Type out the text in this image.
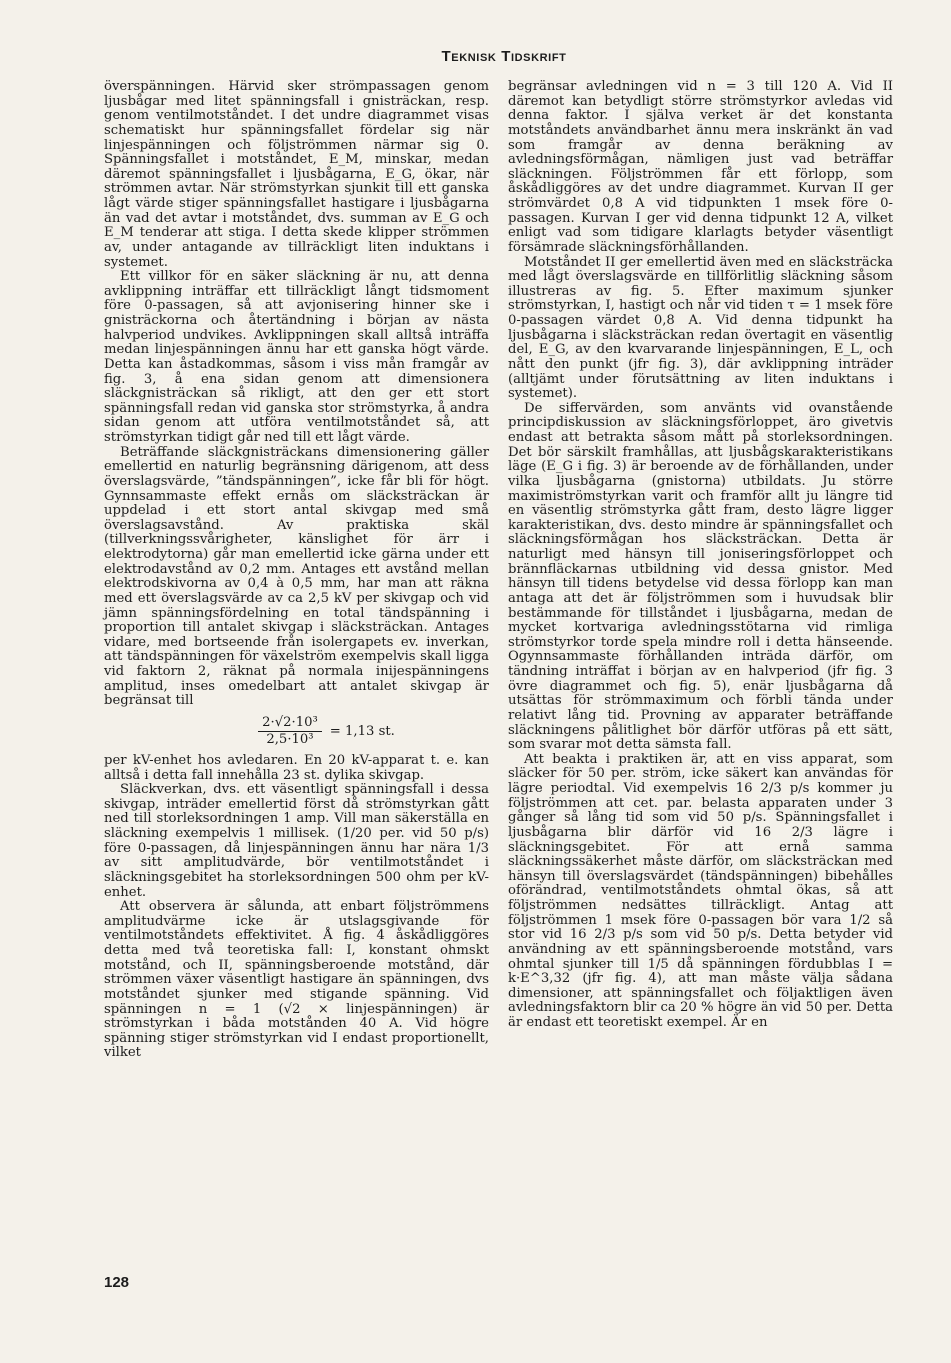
Teknisk Tidskrift

överspänningen. Härvid sker strömpassagen genom ljusbågar med litet spänningsfall i gnisträckan, resp. genom ventilmotståndet. I det undre diagrammet visas schematiskt hur spänningsfallet fördelar sig när linjespänningen och följströmmen närmar sig 0. Spänningsfallet i motståndet, E_M, minskar, medan däremot spänningsfallet i ljusbågarna, E_G, ökar, när strömmen avtar. När strömstyrkan sjunkit till ett ganska lågt värde stiger spänningsfallet hastigare i ljusbågarna än vad det avtar i motståndet, dvs. summan av E_G och E_M tenderar att stiga. I detta skede klipper strömmen av, under antagande av tillräckligt liten induktans i systemet.

Ett villkor för en säker släckning är nu, att denna avklippning inträffar ett tillräckligt långt tidsmoment före 0-passagen, så att avjonisering hinner ske i gnisträckorna och återtändning i början av nästa halvperiod undvikes. Avklippningen skall alltså inträffa medan linjespänningen ännu har ett ganska högt värde. Detta kan åstadkommas, såsom i viss mån framgår av fig. 3, å ena sidan genom att dimensionera släckgnisträckan så rikligt, att den ger ett stort spänningsfall redan vid ganska stor strömstyrka, å andra sidan genom att utföra ventilmotståndet så, att strömstyrkan tidigt går ned till ett lågt värde.

Beträffande släckgnisträckans dimensionering gäller emellertid en naturlig begränsning därigenom, att dess överslagsvärde, ”tändspänningen”, icke får bli för högt. Gynnsammaste effekt ernås om släcksträckan är uppdelad i ett stort antal skivgap med små överslagsavstånd. Av praktiska skäl (tillverkningssvårigheter, känslighet för ärr i elektrodytorna) går man emellertid icke gärna under ett elektrodavstånd av 0,2 mm. Antages ett avstånd mellan elektrodskivorna av 0,4 à 0,5 mm, har man att räkna med ett överslagsvärde av ca 2,5 kV per skivgap och vid jämn spänningsfördelning en total tändspänning i proportion till antalet skivgap i släcksträckan. Antages vidare, med bortseende från isolergapets ev. inverkan, att tändspänningen för växelström exempelvis skall ligga vid faktorn 2, räknat på normala inijespänningens amplitud, inses omedelbart att antalet skivgap är begränsat till

$\frac{\text{2·√2·10³}}{\text{2,5·10³}} = 1,13$ st.

per kV-enhet hos avledaren. En 20 kV-apparat t. e. kan alltså i detta fall innehålla 23 st. dylika skivgap.

Släckverkan, dvs. ett väsentligt spänningsfall i dessa skivgap, inträder emellertid först då strömstyrkan gått ned till storleksordningen 1 amp. Vill man säkerställa en släckning exempelvis 1 millisek. (1/20 per. vid 50 p/s) före 0-passagen, då linjespänningen ännu har nära 1/3 av sitt amplitudvärde, bör ventilmotståndet i släckningsgebitet ha storleksordningen 500 ohm per kV-enhet.

Att observera är sålunda, att enbart följströmmens amplitudvärme icke är utslagsgivande för ventilmotståndets effektivitet. Å fig. 4 åskådliggöres detta med två teoretiska fall: I, konstant ohmskt motstånd, och II, spänningsberoende motstånd, där strömmen växer väsentligt hastigare än spänningen, dvs motståndet sjunker med stigande spänning. Vid spänningen n = 1 (√2 × linjespänningen) är strömstyrkan i båda motstånden 40 A. Vid högre spänning stiger strömstyrkan vid I endast proportionellt, vilket

begränsar avledningen vid n = 3 till 120 A. Vid II däremot kan betydligt större strömstyrkor avledas vid denna faktor. I själva verket är det konstanta motståndets användbarhet ännu mera inskränkt än vad som framgår av denna beräkning av avledningsförmågan, nämligen just vad beträffar släckningen. Följströmmen får ett förlopp, som åskådliggöres av det undre diagrammet. Kurvan II ger strömvärdet 0,8 A vid tidpunkten 1 msek före 0-passagen. Kurvan I ger vid denna tidpunkt 12 A, vilket enligt vad som tidigare klarlagts betyder väsentligt försämrade släckningsförhållanden.

Motståndet II ger emellertid även med en släcksträcka med lågt överslagsvärde en tillförlitlig släckning såsom illustreras av fig. 5. Efter maximum sjunker strömstyrkan, I, hastigt och når vid tiden τ = 1 msek före 0-passagen värdet 0,8 A. Vid denna tidpunkt ha ljusbågarna i släcksträckan redan övertagit en väsentlig del, E_G, av den kvarvarande linjespänningen, E_L, och nått den punkt (jfr fig. 3), där avklippning inträder (alltjämt under förutsättning av liten induktans i systemet).

De siffervärden, som använts vid ovanstående principdiskussion av släckningsförloppet, äro givetvis endast att betrakta såsom mått på storleksordningen. Det bör särskilt framhållas, att ljusbågskarakteristikans läge (E_G i fig. 3) är beroende av de förhållanden, under vilka ljusbågarna (gnistorna) utbildats. Ju större maximiströmstyrkan varit och framför allt ju längre tid en väsentlig strömstyrka gått fram, desto lägre ligger karakteristikan, dvs. desto mindre är spänningsfallet och släckningsförmågan hos släcksträckan. Detta är naturligt med hänsyn till joniseringsförloppet och brännfläckarnas utbildning vid dessa gnistor. Med hänsyn till tidens betydelse vid dessa förlopp kan man antaga att det är följströmmen som i huvudsak blir bestämmande för tillståndet i ljusbågarna, medan de mycket kortvariga avledningsstötarna vid rimliga strömstyrkor torde spela mindre roll i detta hänseende. Ogynnsammaste förhållanden inträda därför, om tändning inträffat i början av en halvperiod (jfr fig. 3 övre diagrammet och fig. 5), enär ljusbågarna då utsättas för strömmaximum och förbli tända under relativt lång tid. Provning av apparater beträffande släckningens pålitlighet bör därför utföras på ett sätt, som svarar mot detta sämsta fall.

Att beakta i praktiken är, att en viss apparat, som släcker för 50 per. ström, icke säkert kan användas för lägre periodtal. Vid exempelvis 16 2/3 p/s kommer ju följströmmen att cet. par. belasta apparaten under 3 gånger så lång tid som vid 50 p/s. Spänningsfallet i ljusbågarna blir därför vid 16 2/3 lägre i släckningsgebitet. För att ernå samma släckningssäkerhet måste därför, om släcksträckan med hänsyn till överslagsvärdet (tändspänningen) bibehålles oförändrad, ventilmotståndets ohmtal ökas, så att följströmmen nedsättes tillräckligt. Antag att följströmmen 1 msek före 0-passagen bör vara 1/2 så stor vid 16 2/3 p/s som vid 50 p/s. Detta betyder vid användning av ett spänningsberoende motstånd, vars ohmtal sjunker till 1/5 då spänningen fördubblas I = k·E^3,32 (jfr fig. 4), att man måste välja sådana dimensioner, att spänningsfallet och följaktligen även avledningsfaktorn blir ca 20 % högre än vid 50 per. Detta är endast ett teoretiskt exempel. Är en

128
